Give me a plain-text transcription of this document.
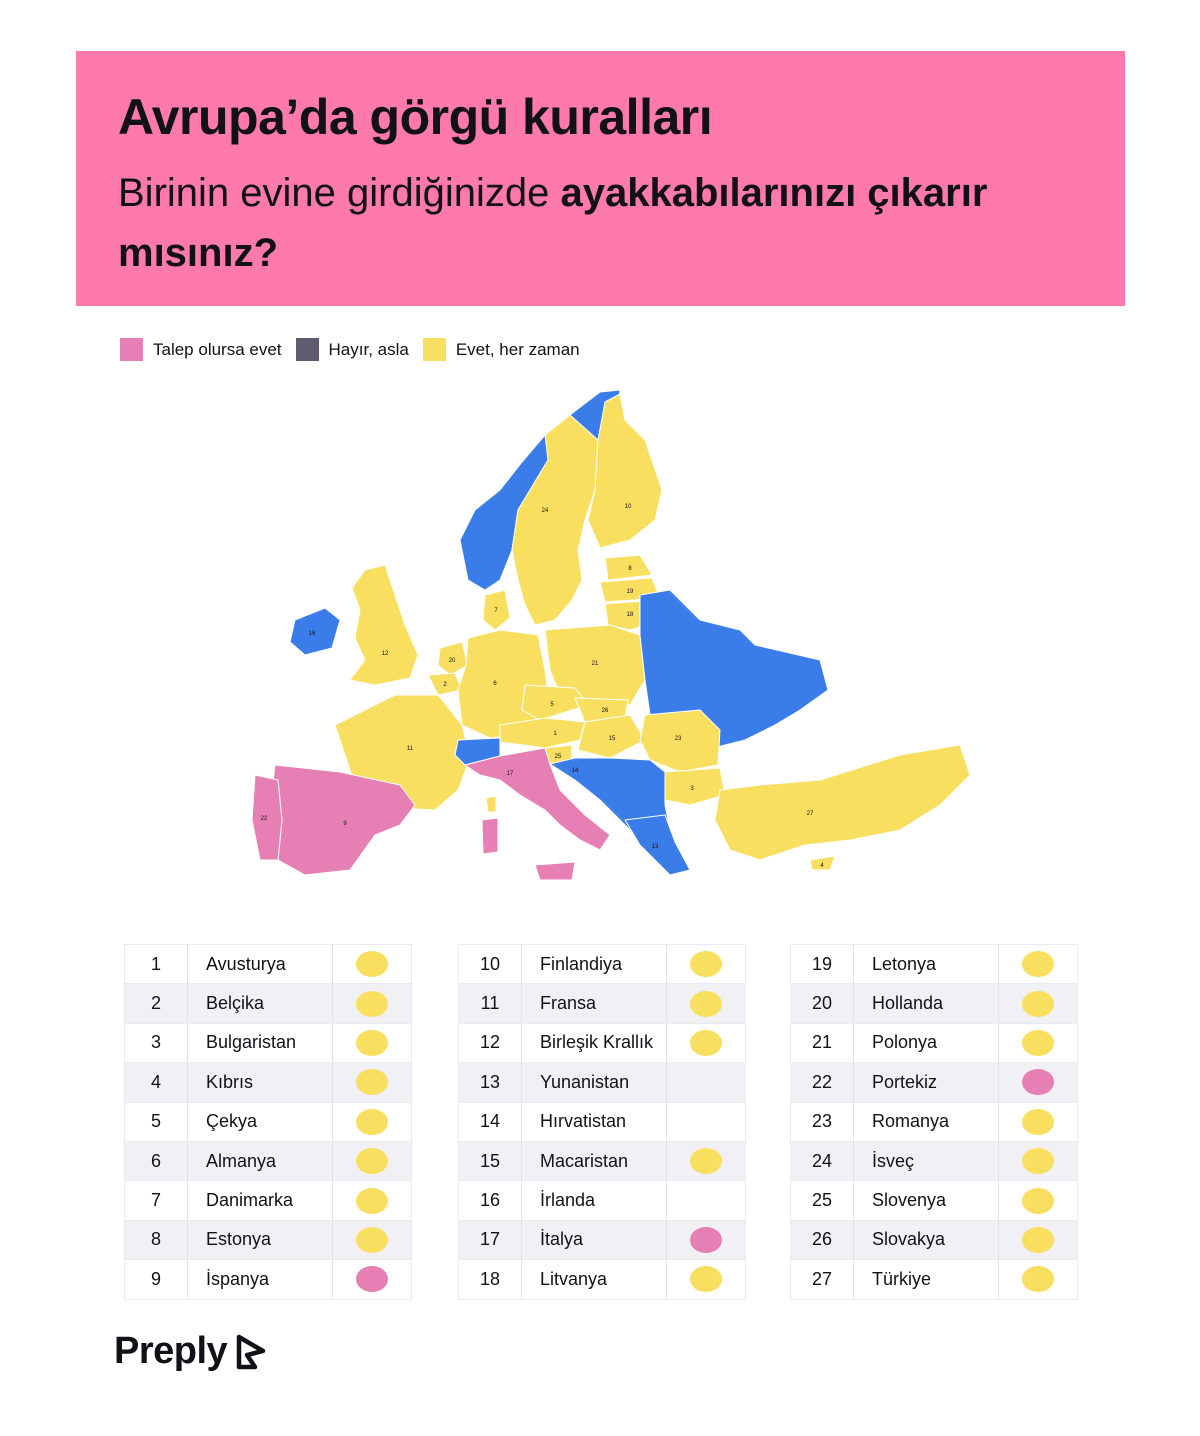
Avrupa’da görgü kuralları

Birinin evine girdiğinizde ayakkabılarınızı çıkarır mısınız?

Talep olursa evet	Hayır, asla	Evet, her zaman
1
2
3
4
5
6
7
8
9
10
11
12
13
14
15
16
17
18
19
20	21
22
23
24
25
26
27
1	Avusturya
2	Belçika
3	Bulgaristan
4	Kıbrıs
5	Çekya
6	Almanya
7	Danimarka
8	Estonya
9	İspanya
10	Finlandiya
11	Fransa
12	Birleşik Krallık
13	Yunanistan
14	Hırvatistan
15	Macaristan
16	İrlanda
17	İtalya
18	Litvanya
19	Letonya
20	Hollanda
21	Polonya
22	Portekiz
23	Romanya
24	İsveç
25	Slovenya
26	Slovakya
27	Türkiye
Preply
